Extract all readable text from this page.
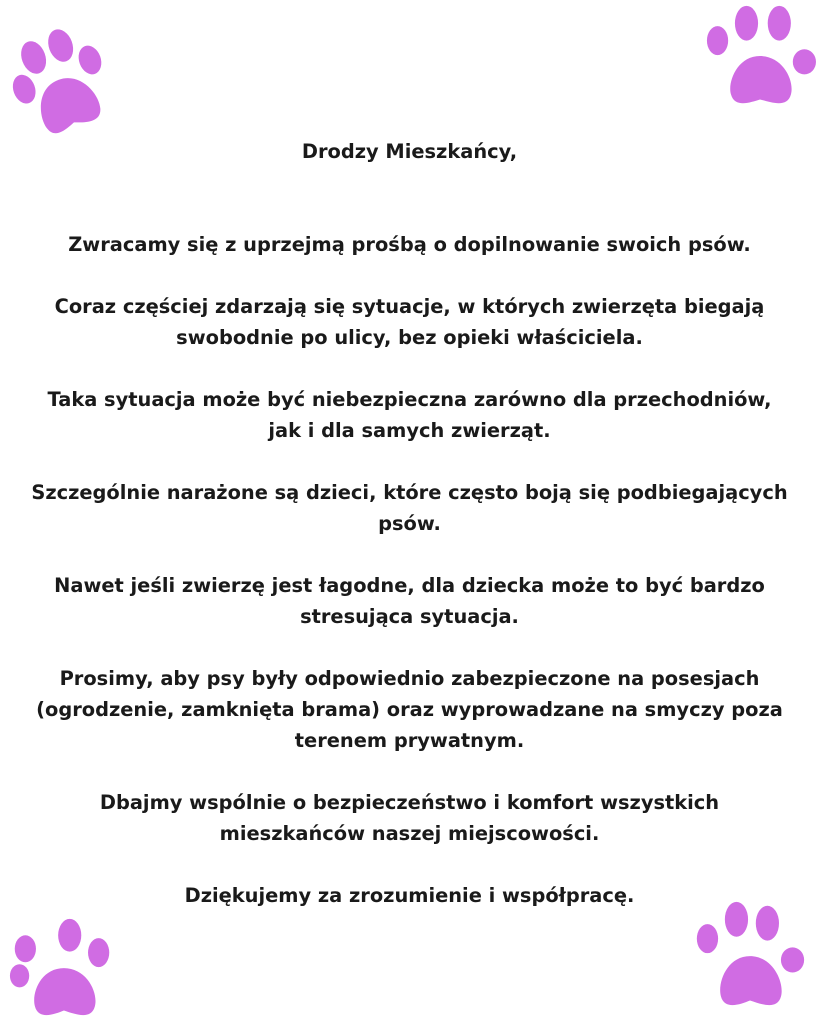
Drodzy Mieszkańcy,

Zwracamy się z uprzejmą prośbą o dopilnowanie swoich psów.

Coraz częściej zdarzają się sytuacje, w których zwierzęta biegają
swobodnie po ulicy, bez opieki właściciela.

Taka sytuacja może być niebezpieczna zarówno dla przechodniów,
jak i dla samych zwierząt.

Szczególnie narażone są dzieci, które często boją się podbiegających
psów.

Nawet jeśli zwierzę jest łagodne, dla dziecka może to być bardzo
stresująca sytuacja.

Prosimy, aby psy były odpowiednio zabezpieczone na posesjach
(ogrodzenie, zamknięta brama) oraz wyprowadzane na smyczy poza
terenem prywatnym.

Dbajmy wspólnie o bezpieczeństwo i komfort wszystkich
mieszkańców naszej miejscowości.

Dziękujemy za zrozumienie i współpracę.
